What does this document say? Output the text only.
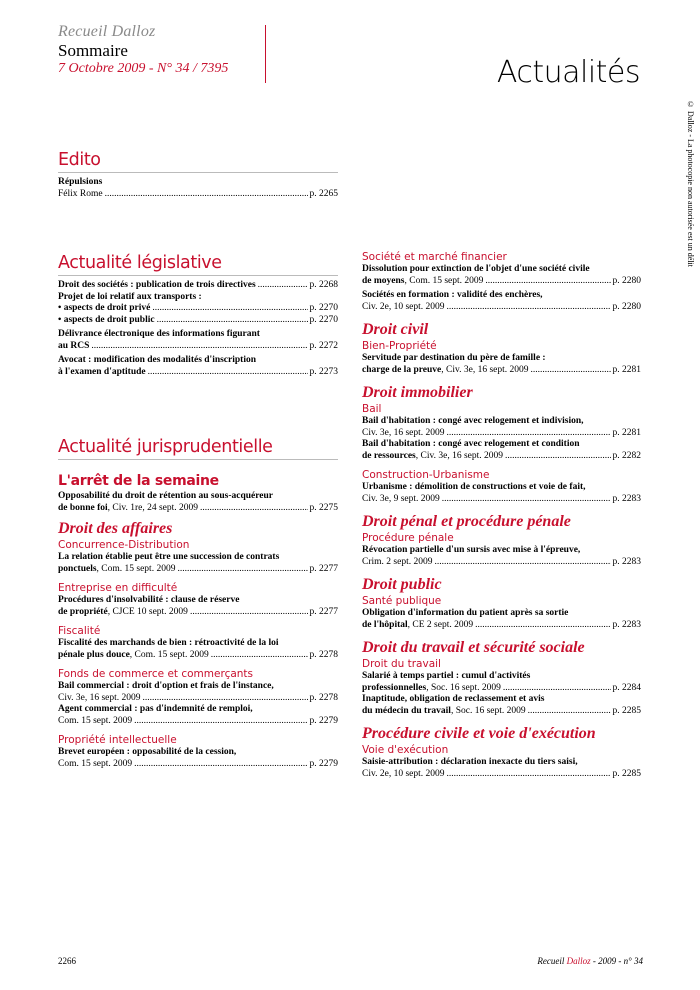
Recueil Dalloz
Sommaire
7 Octobre 2009 - N° 34 / 7395	Actualités
© Dalloz - La photocopie non autorisée est un délit
Edito
Répulsions
Félix Rome .....	p. 2265
Actualité législative
Droit des sociétés : publication de trois directives .....	p. 2268
Projet de loi relatif aux transports :
• aspects de droit privé .....	p. 2270
• aspects de droit public .....	p. 2270
Délivrance électronique des informations figurant
au RCS .....	p. 2272
Avocat : modification des modalités d'inscription
à l'examen d'aptitude .....	p. 2273
Actualité jurisprudentielle
L'arrêt de la semaine
Opposabilité du droit de rétention au sous-acquéreur
de bonne foi, Civ. 1re, 24 sept. 2009 .....	p. 2275
Droit des affaires
Concurrence-Distribution
La relation établie peut être une succession de contrats
ponctuels, Com. 15 sept. 2009 .....	p. 2277
Entreprise en difficulté
Procédures d'insolvabilité : clause de réserve
de propriété, CJCE 10 sept. 2009 .....	p. 2277
Fiscalité
Fiscalité des marchands de bien : rétroactivité de la loi
pénale plus douce, Com. 15 sept. 2009 .....	p. 2278
Fonds de commerce et commerçants
Bail commercial : droit d'option et frais de l'instance,
Civ. 3e, 16 sept. 2009 .....	p. 2278
Agent commercial : pas d'indemnité de remploi,
Com. 15 sept. 2009 .....	p. 2279
Propriété intellectuelle
Brevet européen : opposabilité de la cession,
Com. 15 sept. 2009 .....	p. 2279
Société et marché financier
Dissolution pour extinction de l'objet d'une société civile
de moyens, Com. 15 sept. 2009 .....	p. 2280
Sociétés en formation : validité des enchères,
Civ. 2e, 10 sept. 2009 .....	p. 2280
Droit civil
Bien-Propriété
Servitude par destination du père de famille :
charge de la preuve, Civ. 3e, 16 sept. 2009 .....	p. 2281
Droit immobilier
Bail
Bail d'habitation : congé avec relogement et indivision,
Civ. 3e, 16 sept. 2009 .....	p. 2281
Bail d'habitation : congé avec relogement et condition
de ressources, Civ. 3e, 16 sept. 2009 .....	p. 2282
Construction-Urbanisme
Urbanisme : démolition de constructions et voie de fait,
Civ. 3e, 9 sept. 2009 .....	p. 2283
Droit pénal et procédure pénale
Procédure pénale
Révocation partielle d'un sursis avec mise à l'épreuve,
Crim. 2 sept. 2009 .....	p. 2283
Droit public
Santé publique
Obligation d'information du patient après sa sortie
de l'hôpital, CE 2 sept. 2009 .....	p. 2283
Droit du travail et sécurité sociale
Droit du travail
Salarié à temps partiel : cumul d'activités
professionnelles, Soc. 16 sept. 2009 .....	p. 2284
Inaptitude, obligation de reclassement et avis
du médecin du travail, Soc. 16 sept. 2009 .....	p. 2285
Procédure civile et voie d'exécution
Voie d'exécution
Saisie-attribution : déclaration inexacte du tiers saisi,
Civ. 2e, 10 sept. 2009 .....	p. 2285
2266	Recueil Dalloz - 2009 - n° 34
